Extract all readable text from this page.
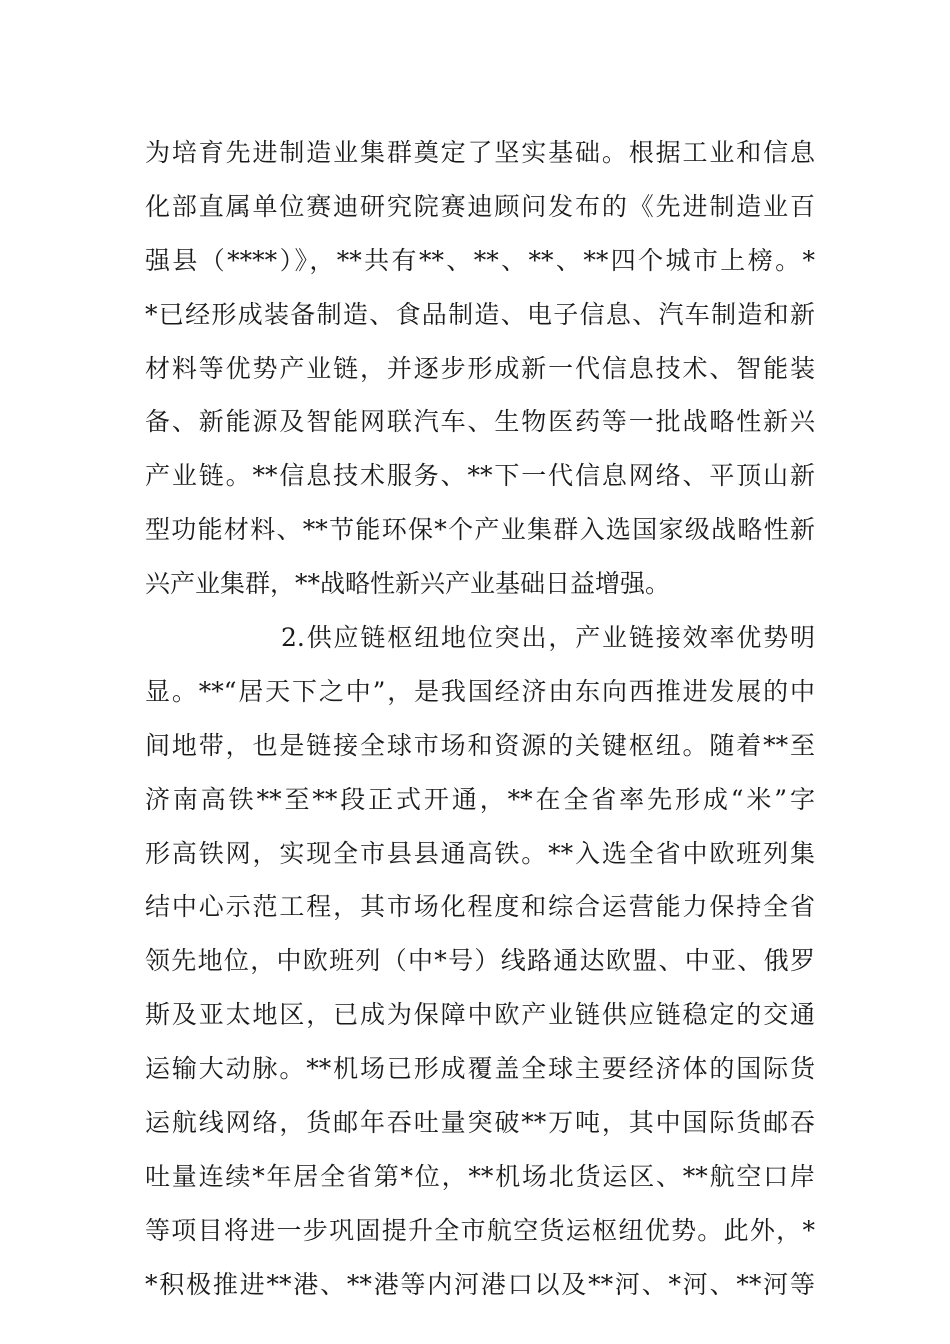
为培育先进制造业集群奠定了坚实基础。根据工业和信息
化部直属单位赛迪研究院赛迪顾问发布的《先进制造业百
强县（****）》，**共有**、**、**、**四个城市上榜。*
*已经形成装备制造、食品制造、电子信息、汽车制造和新
材料等优势产业链，并逐步形成新一代信息技术、智能装
备、新能源及智能网联汽车、生物医药等一批战略性新兴
产业链。**信息技术服务、**下一代信息网络、平顶山新
型功能材料、**节能环保*个产业集群入选国家级战略性新
兴产业集群，**战略性新兴产业基础日益增强。
2.供应链枢纽地位突出，产业链接效率优势明
显。**“居天下之中”，是我国经济由东向西推进发展的中
间地带，也是链接全球市场和资源的关键枢纽。随着**至
济南高铁**至**段正式开通，**在全省率先形成“米”字
形高铁网，实现全市县县通高铁。**入选全省中欧班列集
结中心示范工程，其市场化程度和综合运营能力保持全省
领先地位，中欧班列（中*号）线路通达欧盟、中亚、俄罗
斯及亚太地区，已成为保障中欧产业链供应链稳定的交通
运输大动脉。**机场已形成覆盖全球主要经济体的国际货
运航线网络，货邮年吞吐量突破**万吨，其中国际货邮吞
吐量连续*年居全省第*位，**机场北货运区、**航空口岸
等项目将进一步巩固提升全市航空货运枢纽优势。此外，*
*积极推进**港、**港等内河港口以及**河、*河、**河等
